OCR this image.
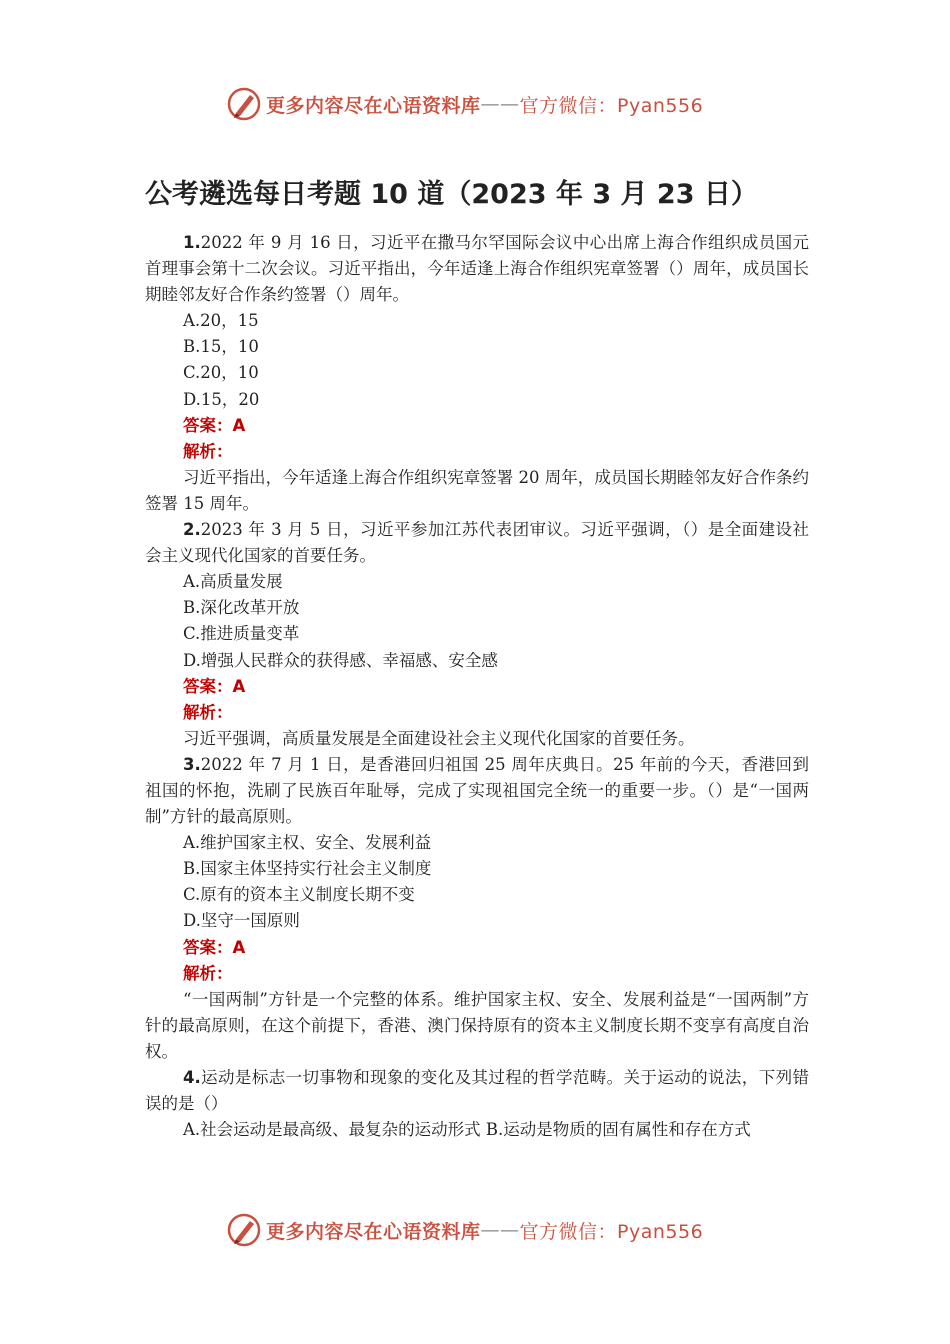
更多内容尽在心语资料库 —— 官方微信：Pyan556
公考遴选每日考题 10 道（2023 年 3 月 23 日）

1.2022 年 9 月 16 日，习近平在撒马尔罕国际会议中心出席上海合作组织成员国元首理事会第十二次会议。习近平指出，今年适逢上海合作组织宪章签署（）周年，成员国长期睦邻友好合作条约签署（）周年。

A.20，15

B.15，10

C.20，10

D.15，20

答案：A

解析：

习近平指出，今年适逢上海合作组织宪章签署 20 周年，成员国长期睦邻友好合作条约签署 15 周年。

2.2023 年 3 月 5 日，习近平参加江苏代表团审议。习近平强调，（）是全面建设社会主义现代化国家的首要任务。

A.高质量发展

B.深化改革开放

C.推进质量变革

D.增强人民群众的获得感、幸福感、安全感

答案：A

解析：

习近平强调，高质量发展是全面建设社会主义现代化国家的首要任务。

3.2022 年 7 月 1 日，是香港回归祖国 25 周年庆典日。25 年前的今天，香港回到祖国的怀抱，洗刷了民族百年耻辱，完成了实现祖国完全统一的重要一步。（）是“一国两制”方针的最高原则。

A.维护国家主权、安全、发展利益

B.国家主体坚持实行社会主义制度

C.原有的资本主义制度长期不变

D.坚守一国原则

答案：A

解析：

“一国两制”方针是一个完整的体系。维护国家主权、安全、发展利益是“一国两制”方针的最高原则，在这个前提下，香港、澳门保持原有的资本主义制度长期不变享有高度自治权。

4.运动是标志一切事物和现象的变化及其过程的哲学范畴。关于运动的说法，下列错误的是（）

A.社会运动是最高级、最复杂的运动形式 B.运动是物质的固有属性和存在方式

更多内容尽在心语资料库 —— 官方微信：Pyan556
